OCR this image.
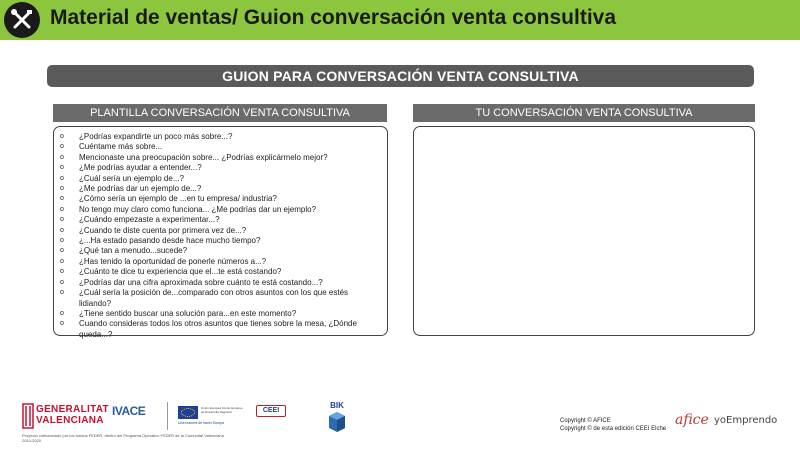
Material de ventas/ Guion conversación venta consultiva
GUION PARA CONVERSACIÓN VENTA CONSULTIVA
PLANTILLA CONVERSACIÓN VENTA CONSULTIVA	TU CONVERSACIÓN VENTA CONSULTIVA
o	¿Podrías expandirte un poco más sobre...?
o	Cuéntame más sobre...
o	Mencionaste una preocupación sobre... ¿Podrías explicármelo mejor?
o	¿Me podrías ayudar a entender...?
o	¿Cuál sería un ejemplo de...?
o	¿Me podrías dar un ejemplo de...?
o	¿Cómo sería un ejemplo de ...en tu empresa/ industria?
o	No tengo muy claro como funciona... ¿Me podrías dar un ejemplo?
o	¿Cuándo empezaste a experimentar...?
o	¿Cuando te diste cuenta por primera vez de...?
o	¿...Ha estado pasando desde hace mucho tiempo?
o	¿Qué tan a menudo...sucede?
o	¿Has tenido la oportunidad de ponerle números a...?
o	¿Cuánto te dice tu experiencia que el...te está costando?
o	¿Podrías dar una cifra aproximada sobre cuánto te está costando...?
o	¿Cuál sería la posición de...comparado con otros asuntos con los que estés lidiando?
o	¿Tiene sentido buscar una solución para...en este momento?
o	Cuando consideras todos los otros asuntos que tienes sobre la mesa, ¿Dónde queda...?
GENERALITAT
VALENCIANA
Proyecto cofinanciado por los fondos FEDER, dentro del Programa Operativo FEDER de la Comunitat Valenciana 2014-2020
IVACE	Unión Europea Fondo Europeo de Desarrollo Regional
Una manera de hacer Europa
CEEI
BIK
Copyright © AFICE
Copyright © de esta edición CEEI Elche
afice yoEmprendo
